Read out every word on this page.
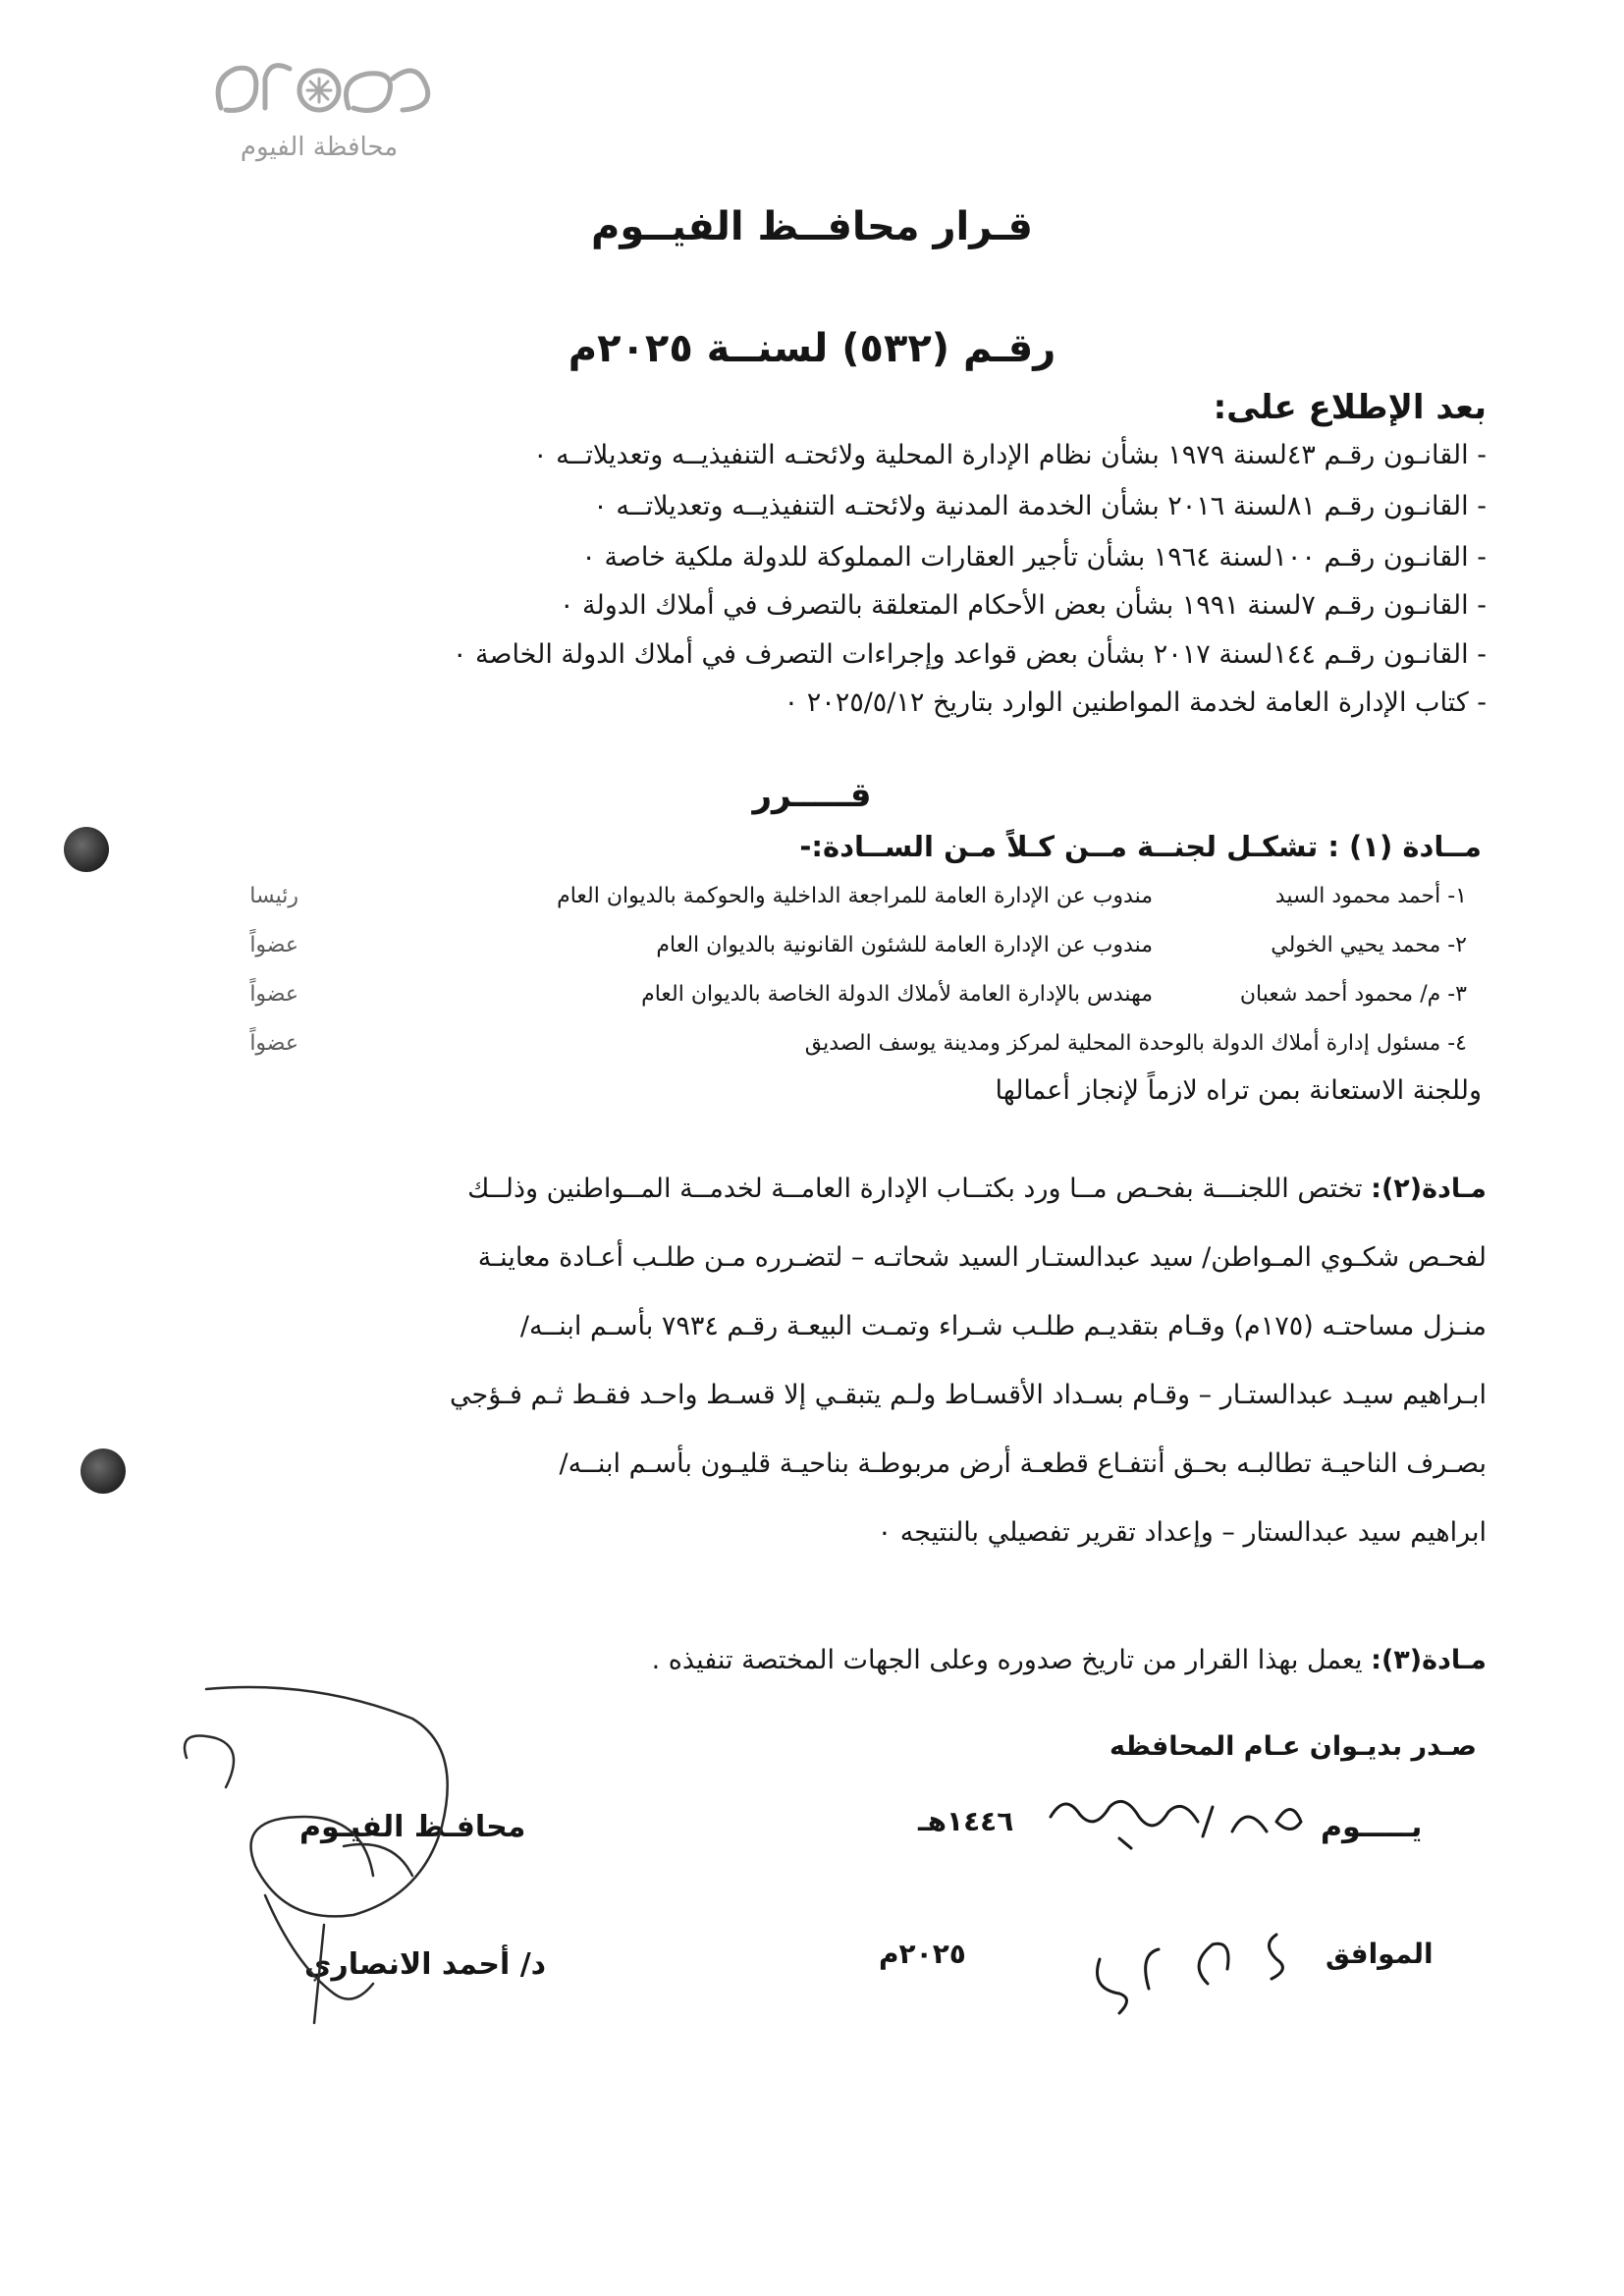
محافظة الفيوم
قـرار محافــظ الفيــوم
رقـم (٥٣٢) لسنــة ٢٠٢٥م
بعد الإطلاع على:
- القانـون رقـم ٤٣لسنة ١٩٧٩ بشأن نظام الإدارة المحلية ولائحتـه التنفيذيــه وتعديلاتــه ٠
- القانـون رقـم ٨١لسنة ٢٠١٦ بشأن الخدمة المدنية ولائحتـه التنفيذيــه وتعديلاتــه ٠
- القانـون رقـم ١٠٠لسنة ١٩٦٤ بشأن تأجير العقارات المملوكة للدولة ملكية خاصة ٠
- القانـون رقـم ٧لسنة ١٩٩١ بشأن بعض الأحكام المتعلقة بالتصرف في أملاك الدولة ٠
- القانـون رقـم ١٤٤لسنة ٢٠١٧ بشأن بعض قواعد وإجراءات التصرف في أملاك الدولة الخاصة ٠
- كتاب الإدارة العامة لخدمة المواطنين الوارد بتاريخ ٢٠٢٥/٥/١٢ ٠
قـــــرر
مــادة (١) : تشكـل لجنــة مــن كـلاً مـن الســادة:-
١- أحمد محمود السيد
مندوب عن الإدارة العامة للمراجعة الداخلية والحوكمة بالديوان العام
رئيسا
٢- محمد يحيي الخولي
مندوب عن الإدارة العامة للشئون القانونية بالديوان العام
عضواً
٣- م/ محمود أحمد شعبان
مهندس بالإدارة العامة لأملاك الدولة الخاصة بالديوان العام
عضواً
٤- مسئول إدارة أملاك الدولة بالوحدة المحلية لمركز ومدينة يوسف الصديق
عضواً
وللجنة الاستعانة بمن تراه لازماً لإنجاز أعمالها
مـادة(٢): تختص اللجنـــة بفحـص مــا ورد بكتــاب الإدارة العامــة لخدمــة المــواطنين وذلــك
لفحـص شكـوي المـواطن/ سيد عبدالستـار السيد شحاتـه – لتضـرره مـن طلـب أعـادة معاينـة
منـزل مساحتـه (١٧٥م) وقـام بتقديـم طلـب شـراء وتمـت البيعـة رقـم ٧٩٣٤ بأسـم ابنــه/
ابـراهيم سيـد عبدالستـار – وقـام بسـداد الأقسـاط ولـم يتبقـي إلا قسـط واحـد فقـط ثـم فـؤجي
بصـرف الناحيـة تطالبـه بحـق أنتفـاع قطعـة أرض مربوطـة بناحيـة قليـون بأسـم ابنــه/
ابراهيم سيد عبدالستار – وإعداد تقرير تفصيلي بالنتيجه ٠
مـادة(٣): يعمل بهذا القرار من تاريخ صدوره وعلى الجهات المختصة تنفيذه .
صـدر بديـوان عـام المحافظه
يـــــوم
١٤٤٦هـ
الموافق
٢٠٢٥م
محافـظ الفيـوم
د/ أحمد الانصاري
